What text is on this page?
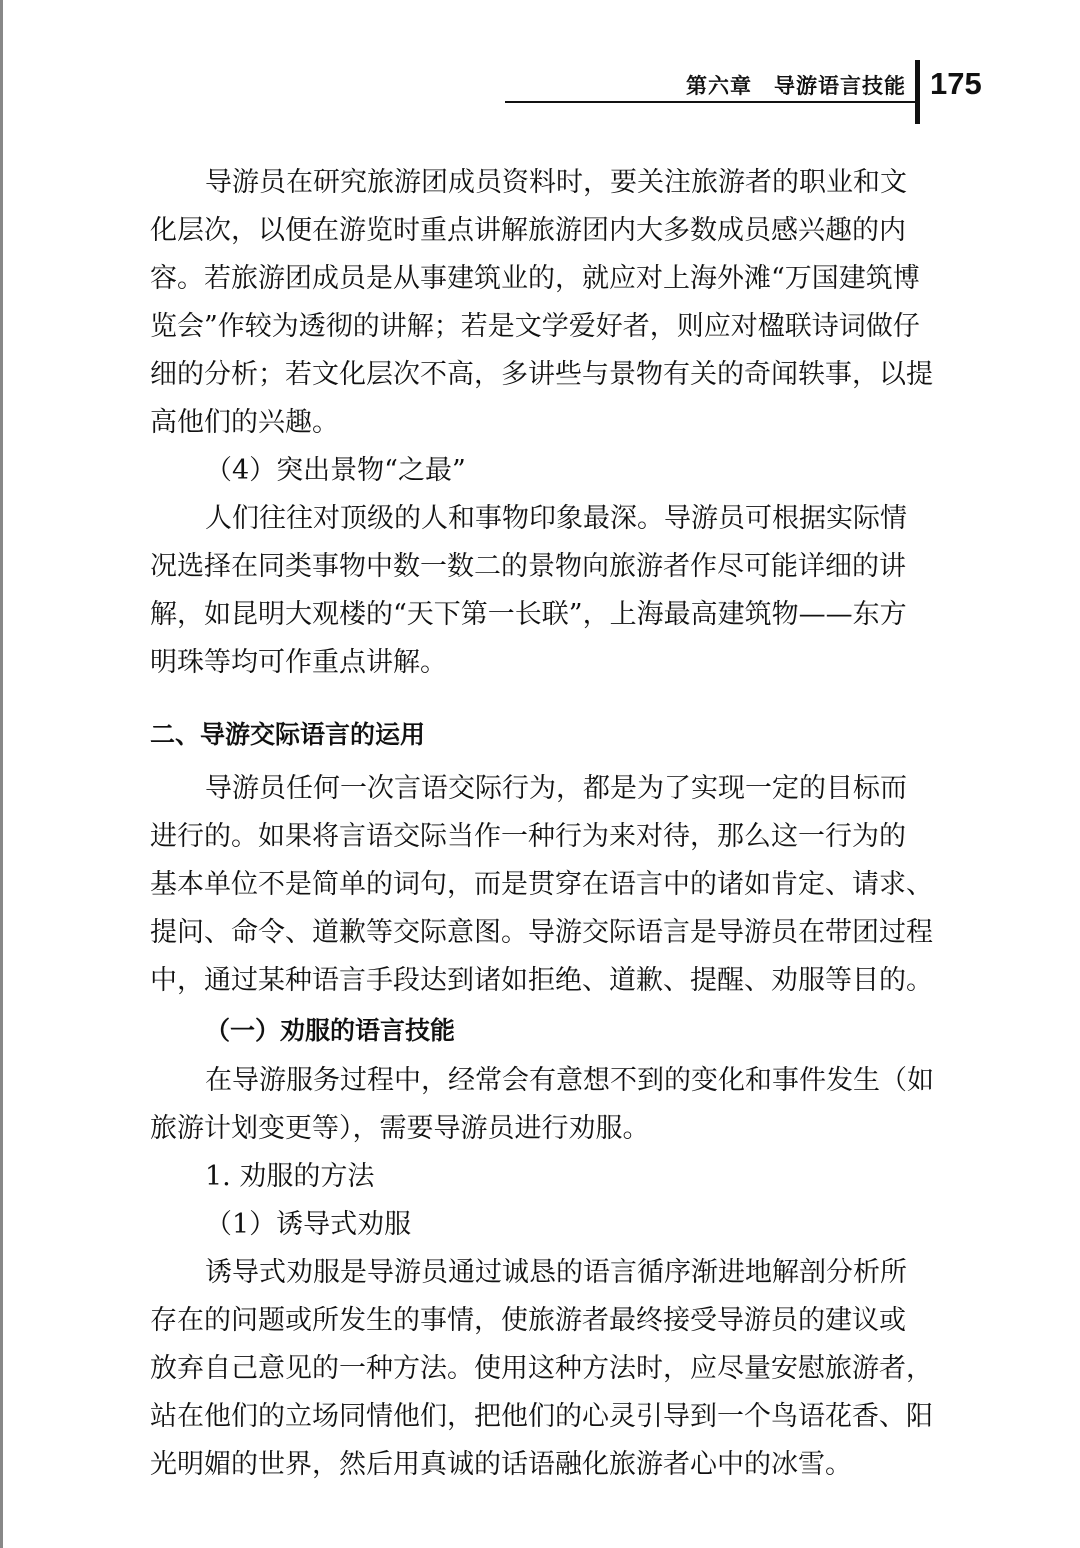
第六章　导游语言技能 175
导游员在研究旅游团成员资料时，要关注旅游者的职业和文
化层次，以便在游览时重点讲解旅游团内大多数成员感兴趣的内
容。若旅游团成员是从事建筑业的，就应对上海外滩“万国建筑博
览会”作较为透彻的讲解；若是文学爱好者，则应对楹联诗词做仔
细的分析；若文化层次不高，多讲些与景物有关的奇闻轶事，以提
高他们的兴趣。
（4）突出景物“之最”
人们往往对顶级的人和事物印象最深。导游员可根据实际情
况选择在同类事物中数一数二的景物向旅游者作尽可能详细的讲
解，如昆明大观楼的“天下第一长联”，上海最高建筑物——东方
明珠等均可作重点讲解。
二、导游交际语言的运用
导游员任何一次言语交际行为，都是为了实现一定的目标而
进行的。如果将言语交际当作一种行为来对待，那么这一行为的
基本单位不是简单的词句，而是贯穿在语言中的诸如肯定、请求、
提问、命令、道歉等交际意图。导游交际语言是导游员在带团过程
中，通过某种语言手段达到诸如拒绝、道歉、提醒、劝服等目的。
（一）劝服的语言技能
在导游服务过程中，经常会有意想不到的变化和事件发生（如
旅游计划变更等），需要导游员进行劝服。
1. 劝服的方法
（1）诱导式劝服
诱导式劝服是导游员通过诚恳的语言循序渐进地解剖分析所
存在的问题或所发生的事情，使旅游者最终接受导游员的建议或
放弃自己意见的一种方法。使用这种方法时，应尽量安慰旅游者，
站在他们的立场同情他们，把他们的心灵引导到一个鸟语花香、阳
光明媚的世界，然后用真诚的话语融化旅游者心中的冰雪。
